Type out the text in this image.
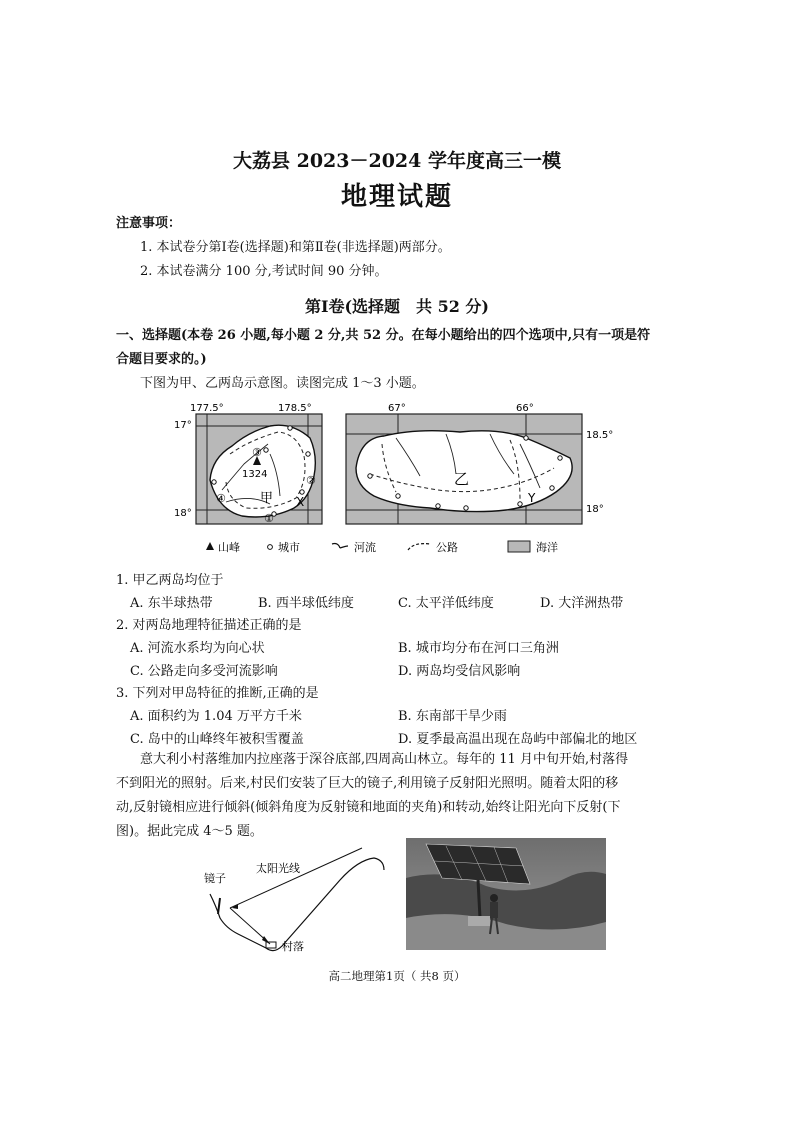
大荔县 2023－2024 学年度高三一模
地理试题
注意事项：
1. 本试卷分第Ⅰ卷(选择题)和第Ⅱ卷(非选择题)两部分。
2. 本试卷满分 100 分,考试时间 90 分钟。
第Ⅰ卷(选择题　共 52 分)
一、选择题(本卷 26 小题,每小题 2 分,共 52 分。在每小题给出的四个选项中,只有一项是符
合题目要求的。)
下图为甲、乙两岛示意图。读图完成 1～3 小题。
177.5°	178.5°	67°	66°
17°
18°
18.5°
18°
1324
③
②
④
①
甲 X
乙
Y
山峰	城市	河流	公路	海洋
1. 甲乙两岛均位于
A. 东半球热带	B. 西半球低纬度	C. 太平洋低纬度	D. 大洋洲热带
2. 对两岛地理特征描述正确的是
A. 河流水系均为向心状	B. 城市均分布在河口三角洲
C. 公路走向多受河流影响	D. 两岛均受信风影响
3. 下列对甲岛特征的推断,正确的是
A. 面积约为 1.04 万平方千米	B. 东南部干旱少雨
C. 岛中的山峰终年被积雪覆盖	D. 夏季最高温出现在岛屿中部偏北的地区
意大利小村落维加内拉座落于深谷底部,四周高山林立。每年的 11 月中旬开始,村落得
不到阳光的照射。后来,村民们安装了巨大的镜子,利用镜子反射阳光照明。随着太阳的移
动,反射镜相应进行倾斜(倾斜角度为反射镜和地面的夹角)和转动,始终让阳光向下反射(下
图)。据此完成 4～5 题。
太阳光线
镜子
村落
高二地理第1页（ 共8 页）
